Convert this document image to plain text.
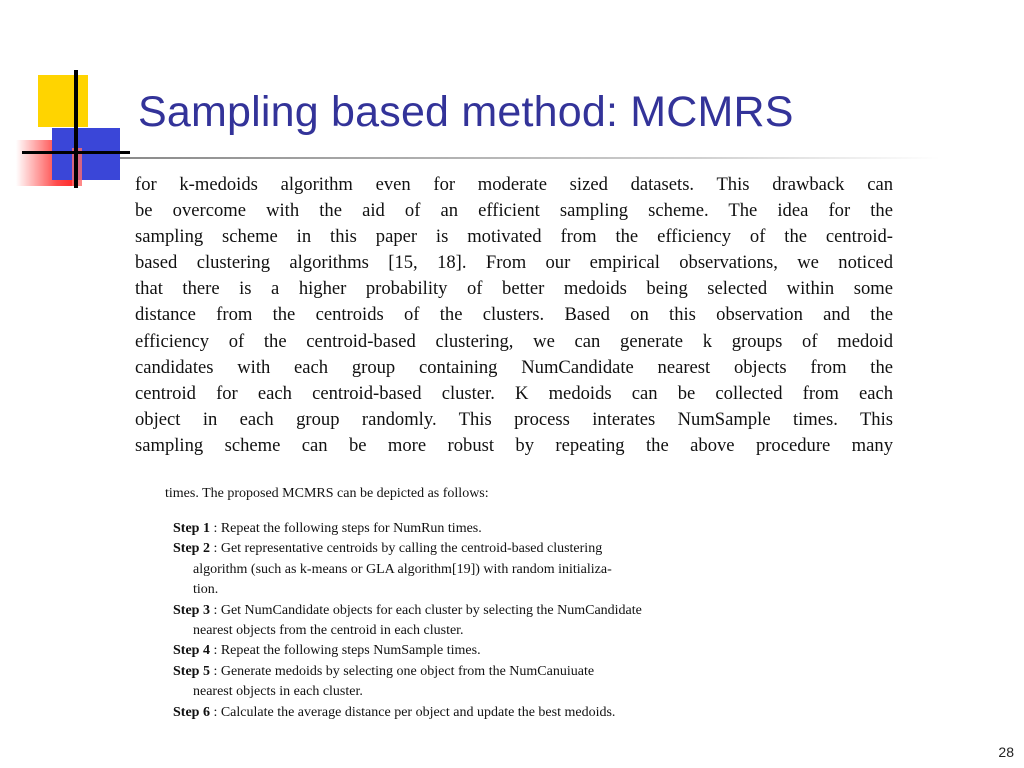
Sampling based method: MCMRS
for k-medoids algorithm even for moderate sized datasets. This drawback can
be overcome with the aid of an efficient sampling scheme. The idea for the
sampling scheme in this paper is motivated from the efficiency of the centroid-
based clustering algorithms [15, 18]. From our empirical observations, we noticed
that there is a higher probability of better medoids being selected within some
distance from the centroids of the clusters. Based on this observation and the
efficiency of the centroid-based clustering, we can generate k groups of medoid
candidates with each group containing NumCandidate nearest objects from the
centroid for each centroid-based cluster. K medoids can be collected from each
object in each group randomly. This process interates NumSample times. This
sampling scheme can be more robust by repeating the above procedure many

times. The proposed MCMRS can be depicted as follows:

Step 1 : Repeat the following steps for NumRun times.
Step 2 : Get representative centroids by calling the centroid-based clustering
algorithm (such as k-means or GLA algorithm[19]) with random initializa-
tion.
Step 3 : Get NumCandidate objects for each cluster by selecting the NumCandidate
nearest objects from the centroid in each cluster.
Step 4 : Repeat the following steps NumSample times.
Step 5 : Generate medoids by selecting one object from the NumCanuiuate
nearest objects in each cluster.
Step 6 : Calculate the average distance per object and update the best medoids.
28
